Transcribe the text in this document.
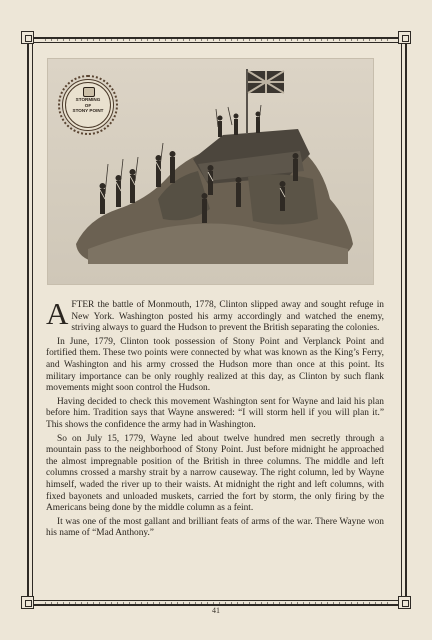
STORMING
OF
STONY POINT

AFTER the battle of Monmouth, 1778, Clinton slipped away and sought refuge in New York. Washington posted his army accordingly and watched the enemy, striving always to guard the Hudson to prevent the British separating the colonies.

In June, 1779, Clinton took possession of Stony Point and Verplanck Point and fortified them. These two points were connected by what was known as the King’s Ferry, and Washington and his army crossed the Hudson more than once at this point. Its military importance can be only roughly realized at this day, as Clinton by such flank movements might soon control the Hudson.

Having decided to check this movement Washington sent for Wayne and laid his plan before him. Tradition says that Wayne answered: “I will storm hell if you will plan it.” This shows the confidence the army had in Washington.

So on July 15, 1779, Wayne led about twelve hundred men secretly through a mountain pass to the neighborhood of Stony Point. Just before midnight he approached the almost impregnable position of the British in three columns. The middle and left columns crossed a marshy strait by a narrow causeway. The right column, led by Wayne himself, waded the river up to their waists. At midnight the right and left columns, with fixed bayonets and unloaded muskets, carried the fort by storm, the only firing by the Americans being done by the middle column as a feint.

It was one of the most gallant and brilliant feats of arms of the war. There Wayne won his name of “Mad Anthony.”

41
